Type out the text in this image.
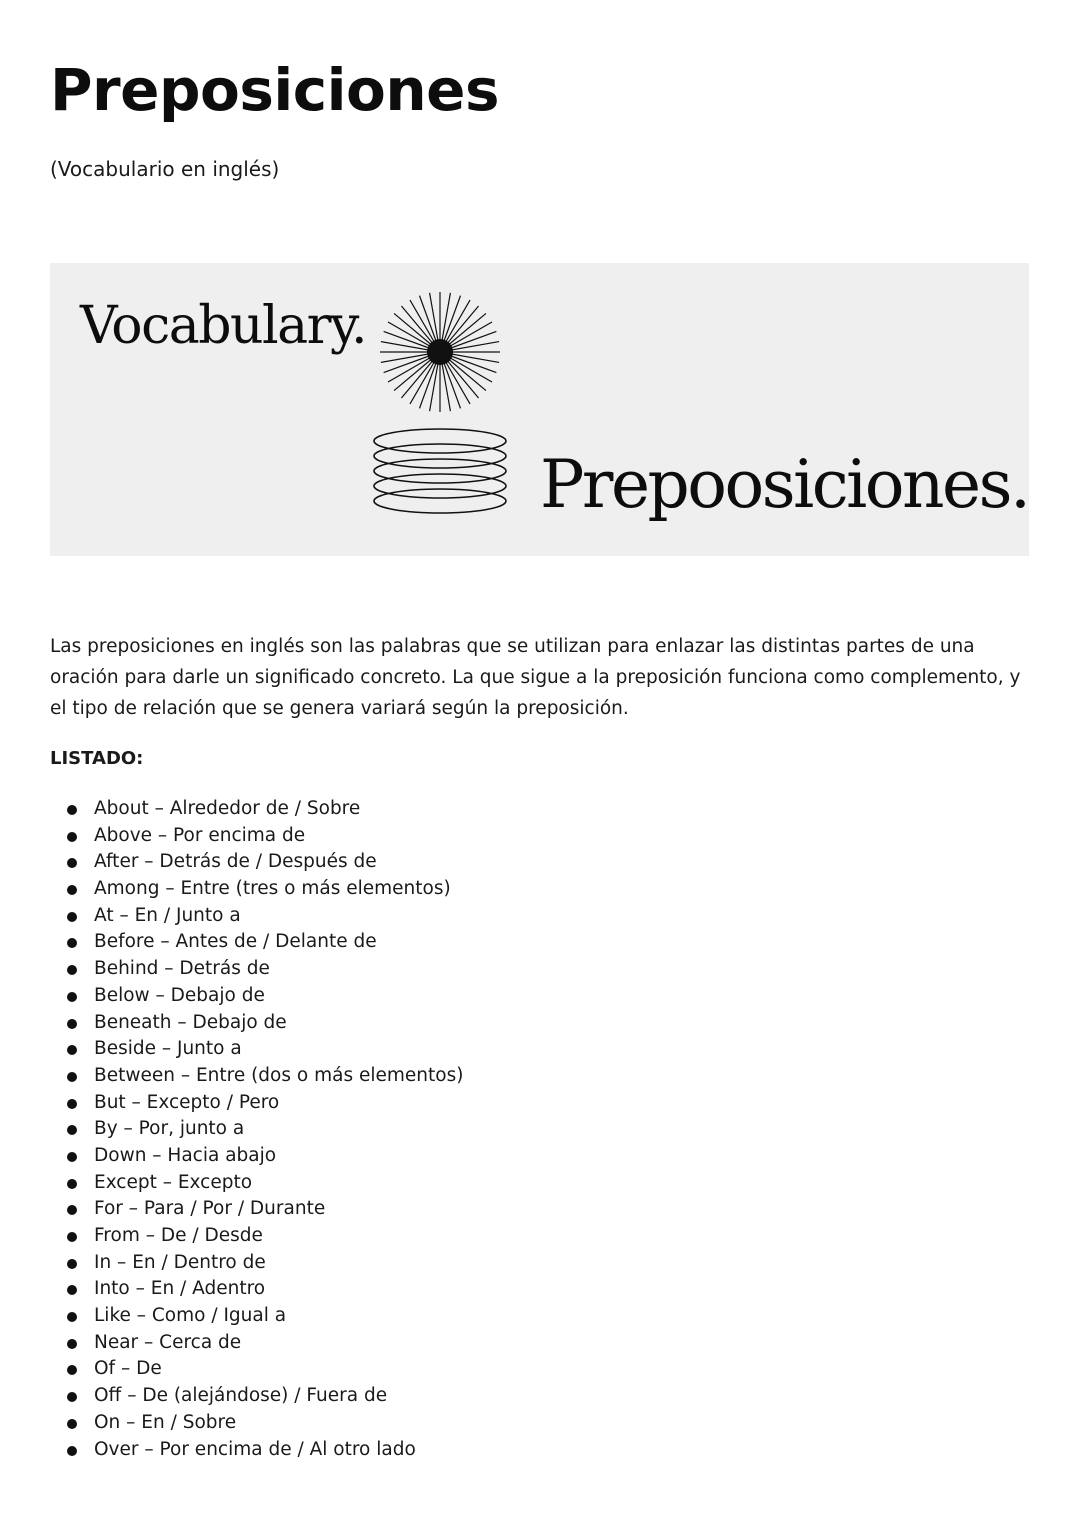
Preposiciones

(Vocabulario en inglés)

Vocabulary.
Prepoosiciones.

Las preposiciones en inglés son las palabras que se utilizan para enlazar las distintas partes de una oración para darle un significado concreto. La que sigue a la preposición funciona como complemento, y el tipo de relación que se genera variará según la preposición.

LISTADO:
About – Alrededor de / Sobre
Above – Por encima de
After – Detrás de / Después de
Among – Entre (tres o más elementos)
At – En / Junto a
Before – Antes de / Delante de
Behind – Detrás de
Below – Debajo de
Beneath – Debajo de
Beside – Junto a
Between – Entre (dos o más elementos)
But – Excepto / Pero
By – Por, junto a
Down – Hacia abajo
Except – Excepto
For – Para / Por / Durante
From – De / Desde
In – En / Dentro de
Into – En / Adentro
Like – Como / Igual a
Near – Cerca de
Of – De
Off – De (alejándose) / Fuera de
On – En / Sobre
Over – Por encima de / Al otro lado
